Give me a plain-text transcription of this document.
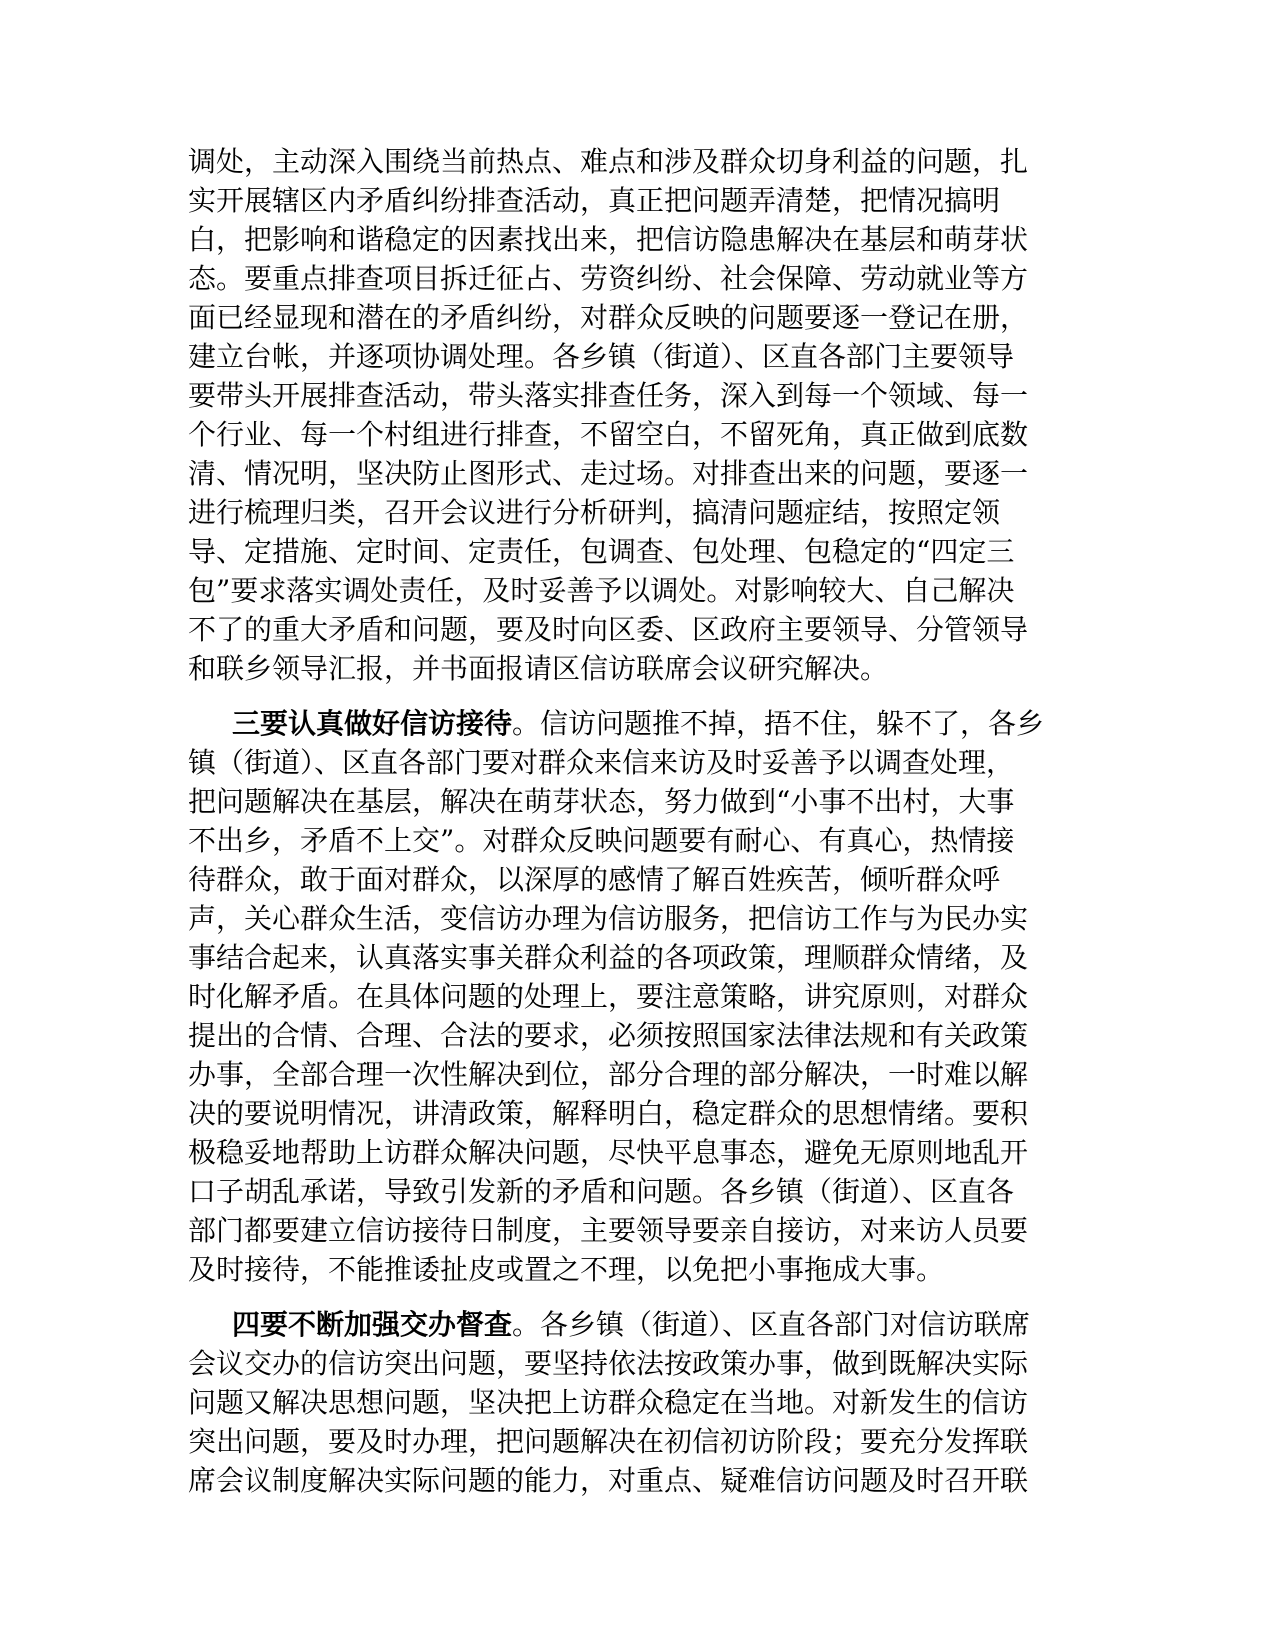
调处，主动深入围绕当前热点、难点和涉及群众切身利益的问题，扎
实开展辖区内矛盾纠纷排查活动，真正把问题弄清楚，把情况搞明
白，把影响和谐稳定的因素找出来，把信访隐患解决在基层和萌芽状
态。要重点排查项目拆迁征占、劳资纠纷、社会保障、劳动就业等方
面已经显现和潜在的矛盾纠纷，对群众反映的问题要逐一登记在册，
建立台帐，并逐项协调处理。各乡镇（街道）、区直各部门主要领导
要带头开展排查活动，带头落实排查任务，深入到每一个领域、每一
个行业、每一个村组进行排查，不留空白，不留死角，真正做到底数
清、情况明，坚决防止图形式、走过场。对排查出来的问题，要逐一
进行梳理归类，召开会议进行分析研判，搞清问题症结，按照定领
导、定措施、定时间、定责任，包调查、包处理、包稳定的“四定三
包”要求落实调处责任，及时妥善予以调处。对影响较大、自己解决
不了的重大矛盾和问题，要及时向区委、区政府主要领导、分管领导
和联乡领导汇报，并书面报请区信访联席会议研究解决。
三要认真做好信访接待。信访问题推不掉，捂不住，躲不了，各乡
镇（街道）、区直各部门要对群众来信来访及时妥善予以调查处理，
把问题解决在基层，解决在萌芽状态，努力做到“小事不出村，大事
不出乡，矛盾不上交”。对群众反映问题要有耐心、有真心，热情接
待群众，敢于面对群众，以深厚的感情了解百姓疾苦，倾听群众呼
声，关心群众生活，变信访办理为信访服务，把信访工作与为民办实
事结合起来，认真落实事关群众利益的各项政策，理顺群众情绪，及
时化解矛盾。在具体问题的处理上，要注意策略，讲究原则，对群众
提出的合情、合理、合法的要求，必须按照国家法律法规和有关政策
办事，全部合理一次性解决到位，部分合理的部分解决，一时难以解
决的要说明情况，讲清政策，解释明白，稳定群众的思想情绪。要积
极稳妥地帮助上访群众解决问题，尽快平息事态，避免无原则地乱开
口子胡乱承诺，导致引发新的矛盾和问题。各乡镇（街道）、区直各
部门都要建立信访接待日制度，主要领导要亲自接访，对来访人员要
及时接待，不能推诿扯皮或置之不理，以免把小事拖成大事。
四要不断加强交办督查。各乡镇（街道）、区直各部门对信访联席
会议交办的信访突出问题，要坚持依法按政策办事，做到既解决实际
问题又解决思想问题，坚决把上访群众稳定在当地。对新发生的信访
突出问题，要及时办理，把问题解决在初信初访阶段；要充分发挥联
席会议制度解决实际问题的能力，对重点、疑难信访问题及时召开联
